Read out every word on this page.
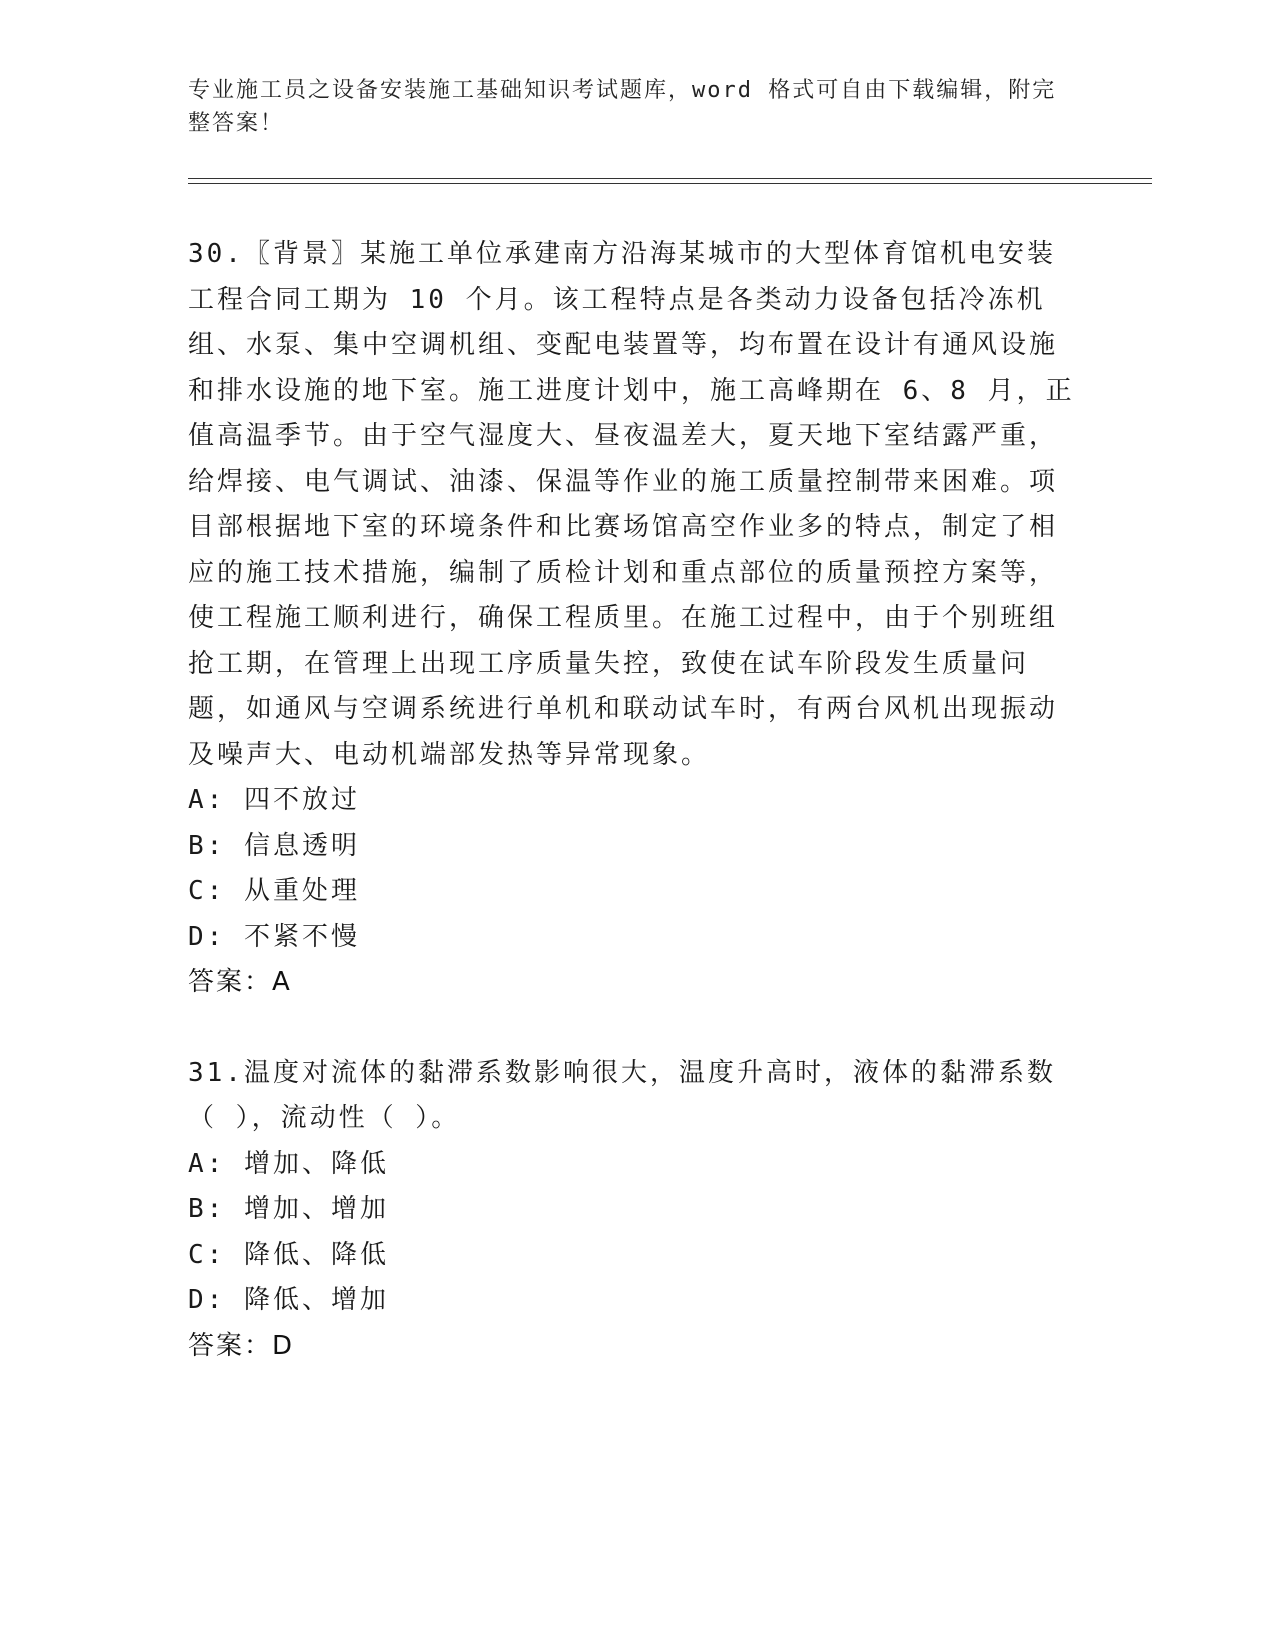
专业施工员之设备安装施工基础知识考试题库，word 格式可自由下载编辑，附完整答案！

30.〖背景〗某施工单位承建南方沿海某城市的大型体育馆机电安装工程合同工期为 10 个月。该工程特点是各类动力设备包括冷冻机组、水泵、集中空调机组、变配电装置等，均布置在设计有通风设施和排水设施的地下室。施工进度计划中，施工高峰期在 6、8 月，正值高温季节。由于空气湿度大、昼夜温差大，夏天地下室结露严重，给焊接、电气调试、油漆、保温等作业的施工质量控制带来困难。项目部根据地下室的环境条件和比赛场馆高空作业多的特点，制定了相应的施工技术措施，编制了质检计划和重点部位的质量预控方案等，使工程施工顺利进行，确保工程质里。在施工过程中，由于个别班组抢工期，在管理上出现工序质量失控，致使在试车阶段发生质量问题，如通风与空调系统进行单机和联动试车时，有两台风机出现振动及噪声大、电动机端部发热等异常现象。

A: 四不放过

B: 信息透明

C: 从重处理

D: 不紧不慢

答案：A

31.温度对流体的黏滞系数影响很大，温度升高时，液体的黏滞系数（ ），流动性（ ）。

A: 增加、降低

B: 增加、增加

C: 降低、降低

D: 降低、增加

答案：D
